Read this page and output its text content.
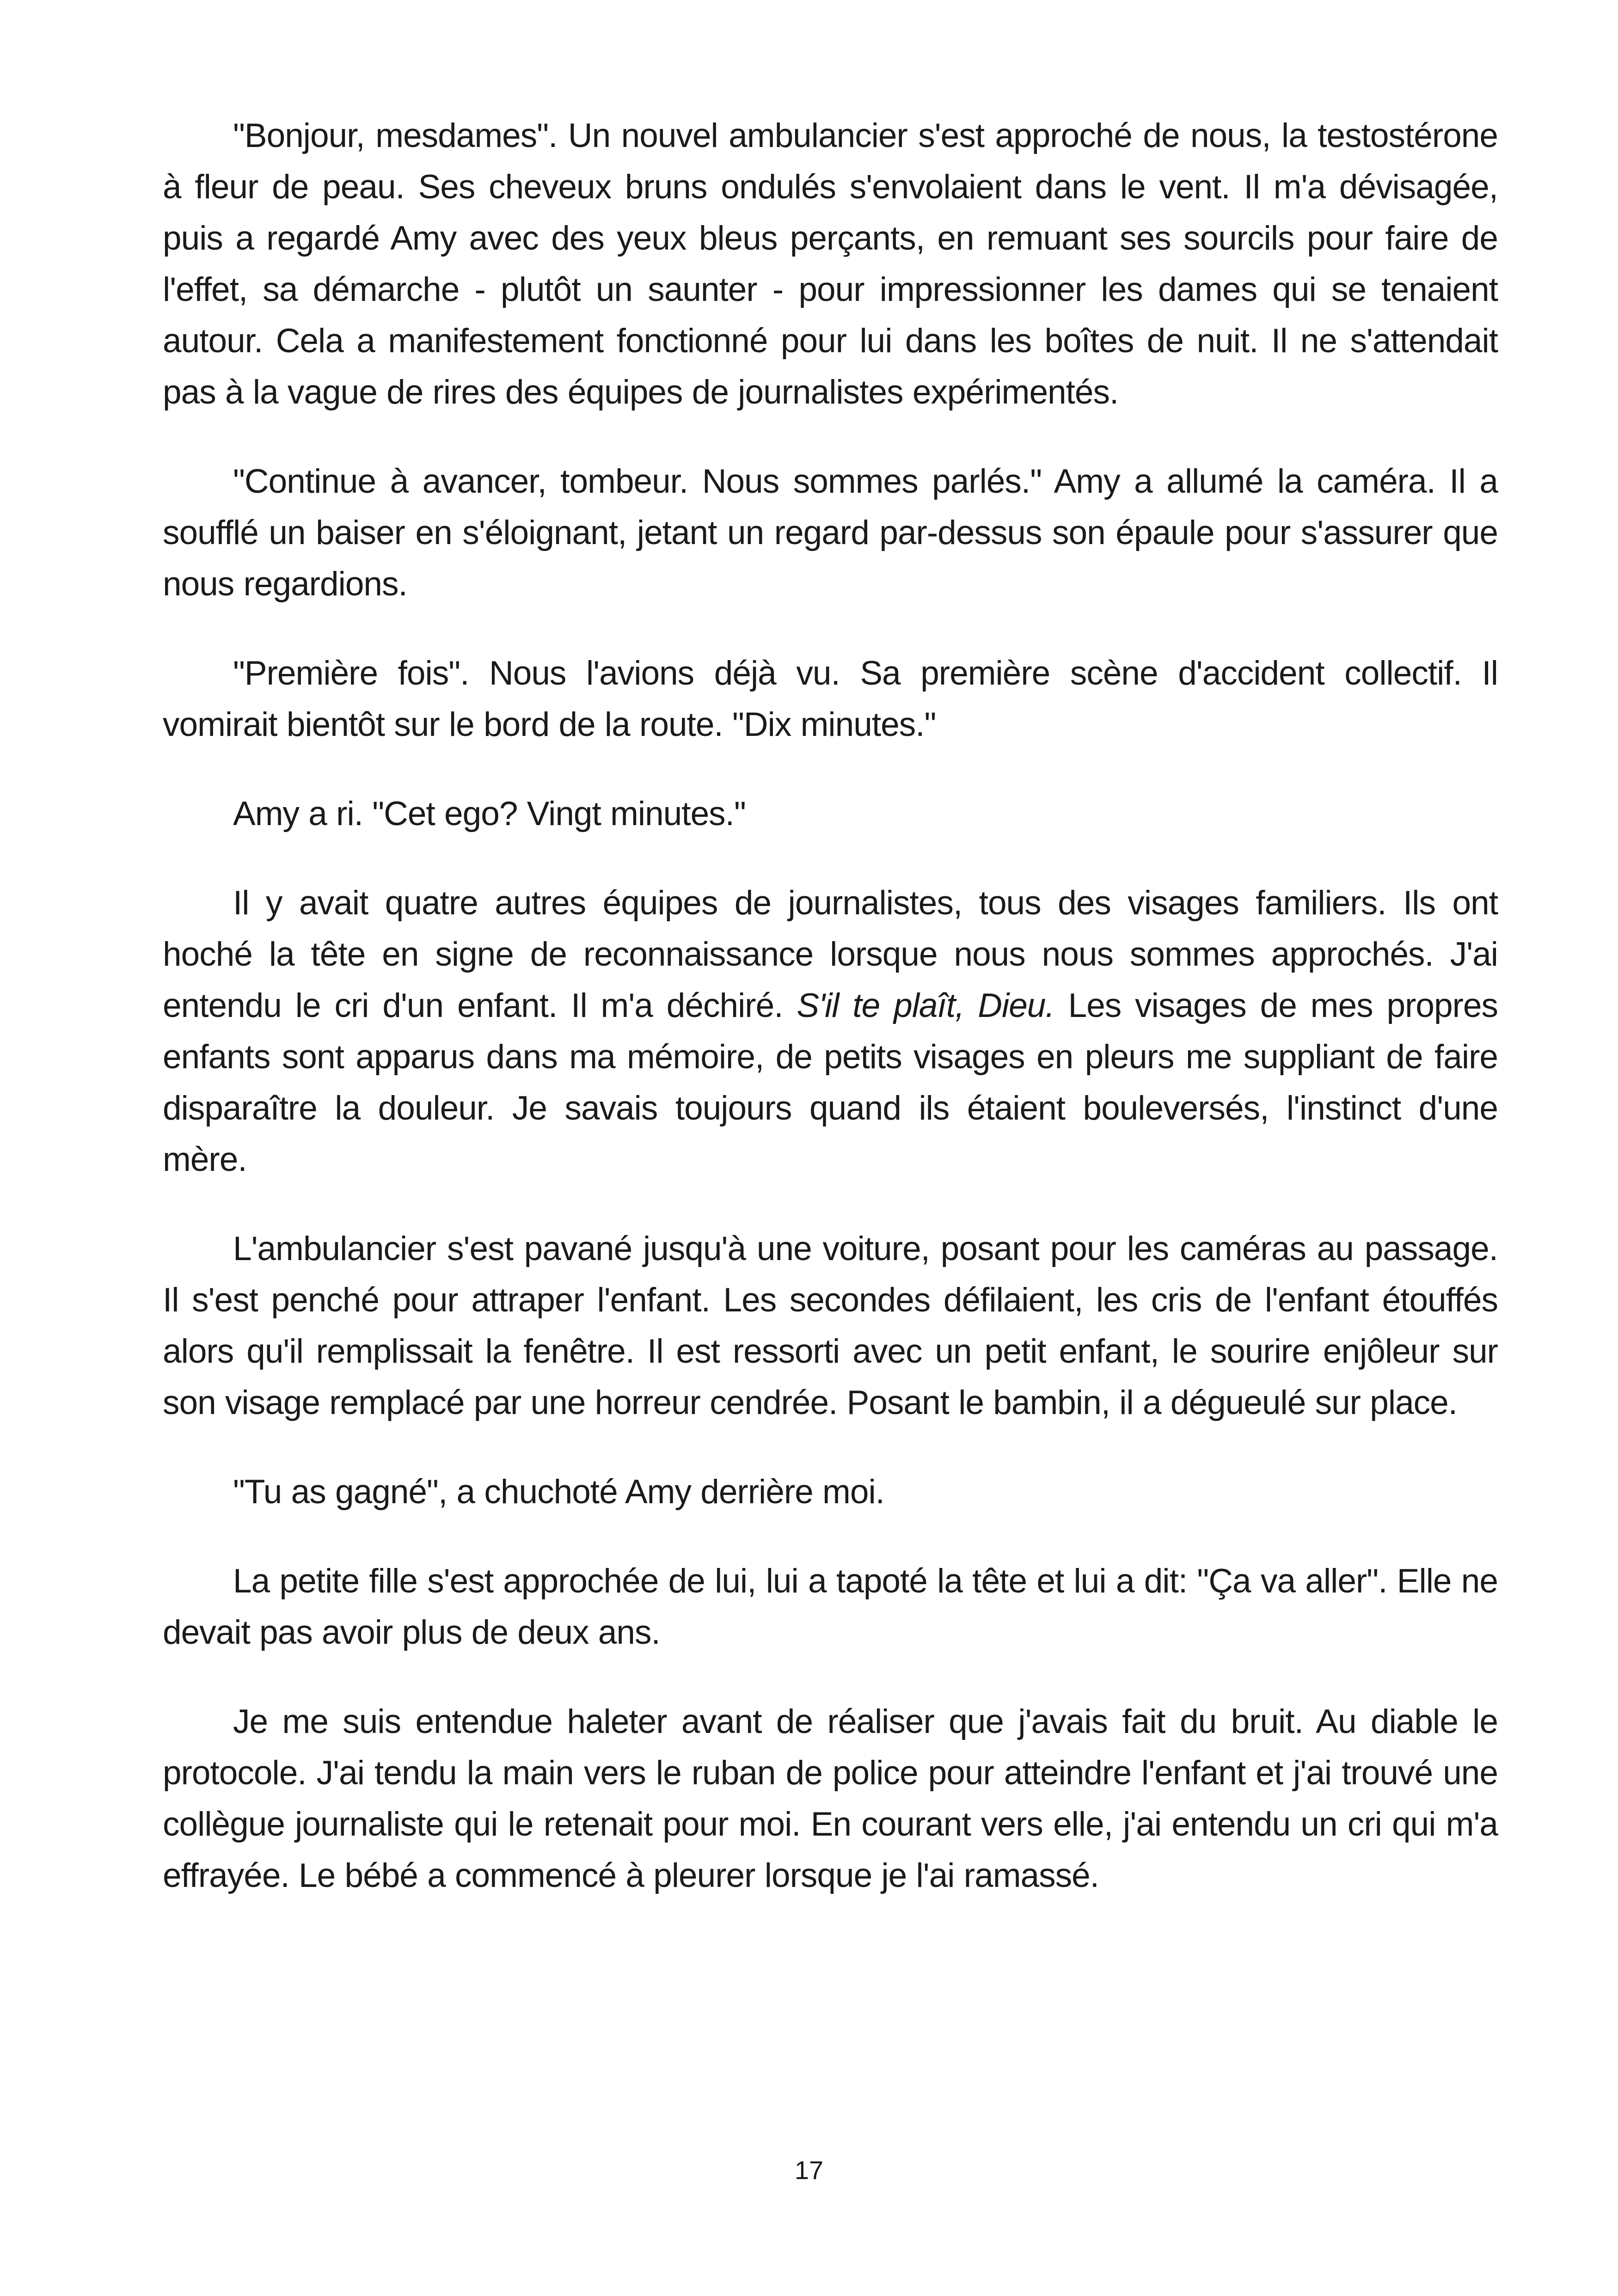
"Bonjour, mesdames". Un nouvel ambulancier s'est approché de nous, la testostérone à fleur de peau. Ses cheveux bruns ondulés s'envolaient dans le vent. Il m'a dévisagée, puis a regardé Amy avec des yeux bleus perçants, en remuant ses sourcils pour faire de l'effet, sa démarche - plutôt un saunter - pour impressionner les dames qui se tenaient autour. Cela a manifestement fonctionné pour lui dans les boîtes de nuit. Il ne s'attendait pas à la vague de rires des équipes de journalistes expérimentés.

"Continue à avancer, tombeur. Nous sommes parlés." Amy a allumé la caméra. Il a soufflé un baiser en s'éloignant, jetant un regard par-dessus son épaule pour s'assurer que nous regardions.

"Première fois". Nous l'avions déjà vu. Sa première scène d'accident collectif. Il vomirait bientôt sur le bord de la route. "Dix minutes."

Amy a ri. "Cet ego? Vingt minutes."

Il y avait quatre autres équipes de journalistes, tous des visages familiers. Ils ont hoché la tête en signe de reconnaissance lorsque nous nous sommes approchés. J'ai entendu le cri d'un enfant. Il m'a déchiré. S'il te plaît, Dieu. Les visages de mes propres enfants sont apparus dans ma mémoire, de petits visages en pleurs me suppliant de faire disparaître la douleur. Je savais toujours quand ils étaient bouleversés, l'instinct d'une mère.

L'ambulancier s'est pavané jusqu'à une voiture, posant pour les caméras au passage. Il s'est penché pour attraper l'enfant. Les secondes défilaient, les cris de l'enfant étouffés alors qu'il remplissait la fenêtre. Il est ressorti avec un petit enfant, le sourire enjôleur sur son visage remplacé par une horreur cendrée. Posant le bambin, il a dégueulé sur place.

"Tu as gagné", a chuchoté Amy derrière moi.

La petite fille s'est approchée de lui, lui a tapoté la tête et lui a dit: "Ça va aller". Elle ne devait pas avoir plus de deux ans.

Je me suis entendue haleter avant de réaliser que j'avais fait du bruit. Au diable le protocole. J'ai tendu la main vers le ruban de police pour atteindre l'enfant et j'ai trouvé une collègue journaliste qui le retenait pour moi. En courant vers elle, j'ai entendu un cri qui m'a effrayée. Le bébé a commencé à pleurer lorsque je l'ai ramassé.

17
